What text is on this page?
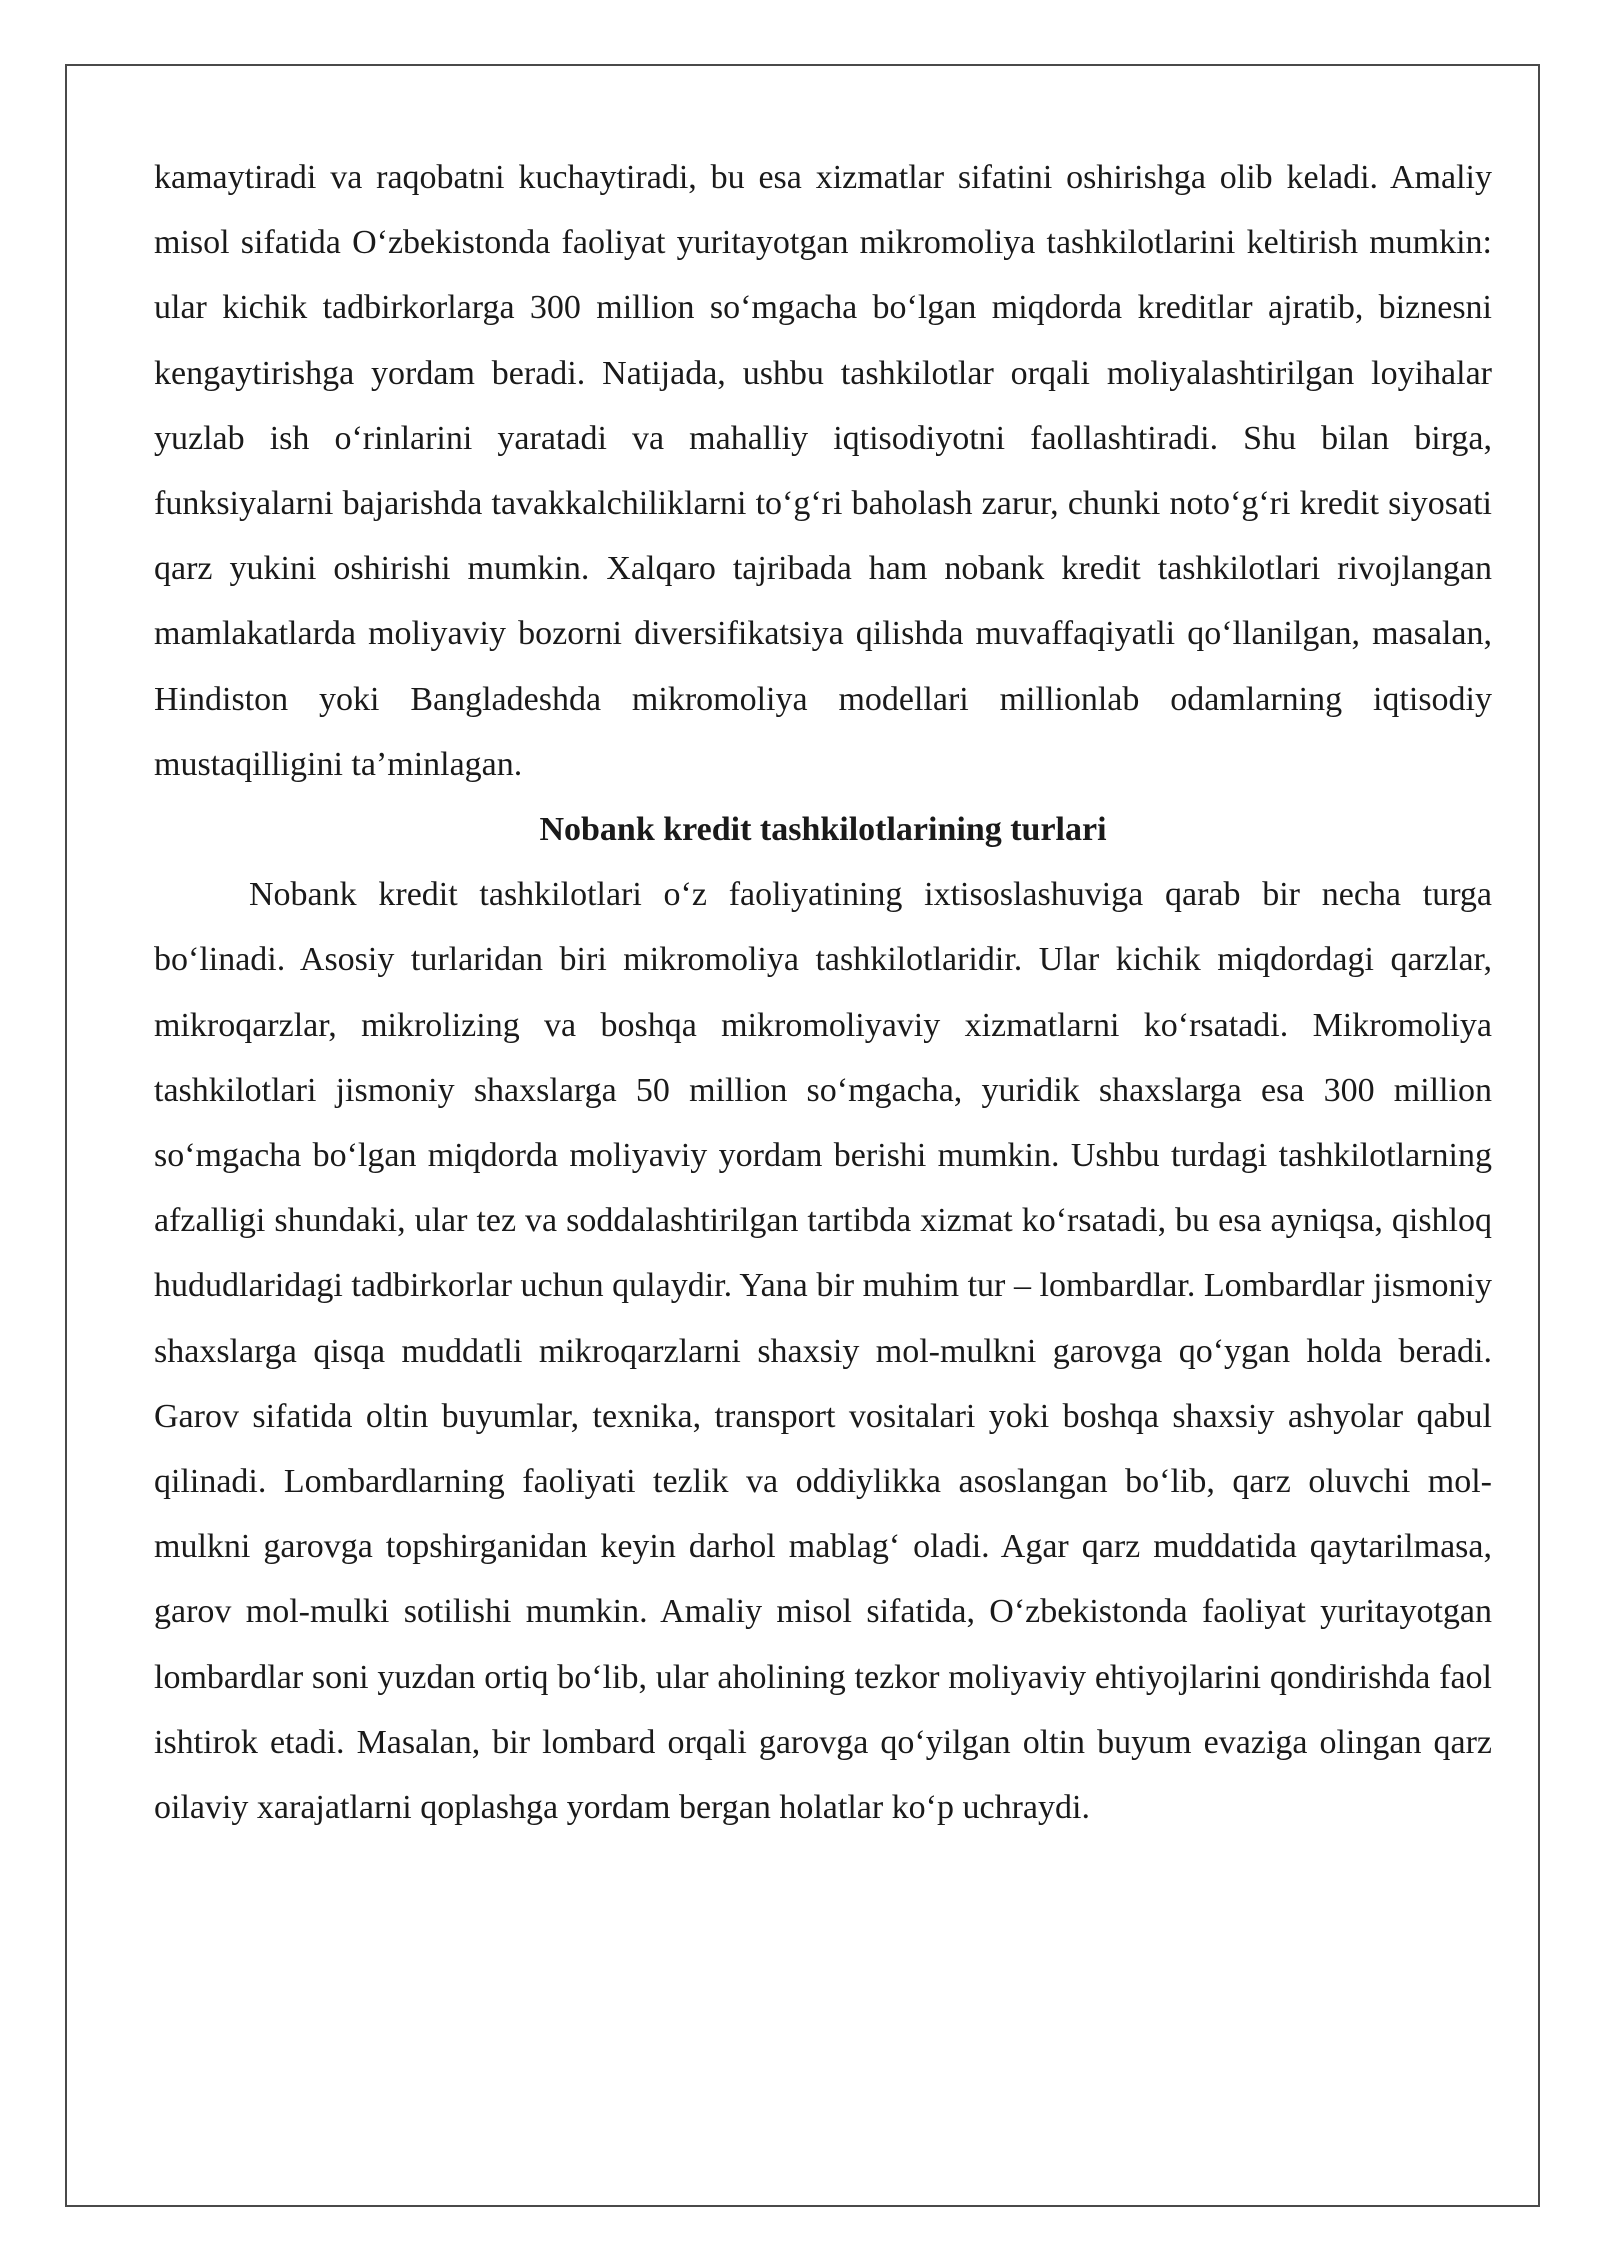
kamaytiradi va raqobatni kuchaytiradi, bu esa xizmatlar sifatini oshirishga olib keladi. Amaliy misol sifatida O‘zbekistonda faoliyat yuritayotgan mikromoliya tashkilotlarini keltirish mumkin: ular kichik tadbirkorlarga 300 million so‘mgacha bo‘lgan miqdorda kreditlar ajratib, biznesni kengaytirishga yordam beradi. Natijada, ushbu tashkilotlar orqali moliyalashtirilgan loyihalar yuzlab ish o‘rinlarini yaratadi va mahalliy iqtisodiyotni faollashtiradi. Shu bilan birga, funksiyalarni bajarishda tavakkalchiliklarni to‘g‘ri baholash zarur, chunki noto‘g‘ri kredit siyosati qarz yukini oshirishi mumkin. Xalqaro tajribada ham nobank kredit tashkilotlari rivojlangan mamlakatlarda moliyaviy bozorni diversifikatsiya qilishda muvaffaqiyatli qo‘llanilgan, masalan, Hindiston yoki Bangladeshda mikromoliya modellari millionlab odamlarning iqtisodiy mustaqilligini ta’minlagan.

Nobank kredit tashkilotlarining turlari

Nobank kredit tashkilotlari o‘z faoliyatining ixtisoslashuviga qarab bir necha turga bo‘linadi. Asosiy turlaridan biri mikromoliya tashkilotlaridir. Ular kichik miqdordagi qarzlar, mikroqarzlar, mikrolizing va boshqa mikromoliyaviy xizmatlarni ko‘rsatadi. Mikromoliya tashkilotlari jismoniy shaxslarga 50 million so‘mgacha, yuridik shaxslarga esa 300 million so‘mgacha bo‘lgan miqdorda moliyaviy yordam berishi mumkin. Ushbu turdagi tashkilotlarning afzalligi shundaki, ular tez va soddalashtirilgan tartibda xizmat ko‘rsatadi, bu esa ayniqsa, qishloq hududlaridagi tadbirkorlar uchun qulaydir. Yana bir muhim tur – lombardlar. Lombardlar jismoniy shaxslarga qisqa muddatli mikroqarzlarni shaxsiy mol-mulkni garovga qo‘ygan holda beradi. Garov sifatida oltin buyumlar, texnika, transport vositalari yoki boshqa shaxsiy ashyolar qabul qilinadi. Lombardlarning faoliyati tezlik va oddiylikka asoslangan bo‘lib, qarz oluvchi mol-mulkni garovga topshirganidan keyin darhol mablag‘ oladi. Agar qarz muddatida qaytarilmasa, garov mol-mulki sotilishi mumkin. Amaliy misol sifatida, O‘zbekistonda faoliyat yuritayotgan lombardlar soni yuzdan ortiq bo‘lib, ular aholining tezkor moliyaviy ehtiyojlarini qondirishda faol ishtirok etadi. Masalan, bir lombard orqali garovga qo‘yilgan oltin buyum evaziga olingan qarz oilaviy xarajatlarni qoplashga yordam bergan holatlar ko‘p uchraydi.
